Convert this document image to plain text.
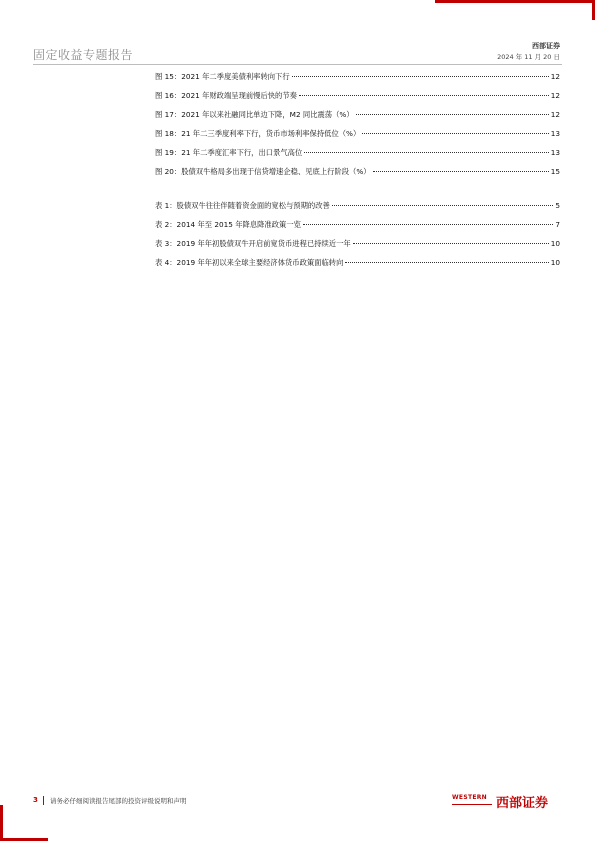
固定收益专题报告
西部证券
2024 年 11 月 20 日
图 15：2021 年二季度美债利率转向下行	12
图 16：2021 年财政端呈现前慢后快的节奏	12
图 17：2021 年以来社融同比单边下降，M2 同比震荡（%）	12
图 18：21 年二三季度利率下行，货币市场利率保持低位（%）	13
图 19：21 年二季度汇率下行，出口景气高位	13
图 20：股债双牛格局多出现于信贷增速企稳、见底上行阶段（%）	15
表 1：股债双牛往往伴随着资金面的宽松与预期的改善	5
表 2：2014 年至 2015 年降息降准政策一览	7
表 3：2019 年年初股债双牛开启前宽货币进程已持续近一年	10
表 4：2019 年年初以来全球主要经济体货币政策面临转向	10
3 请务必仔细阅读报告尾部的投资评级说明和声明	WESTERN 西部证券
